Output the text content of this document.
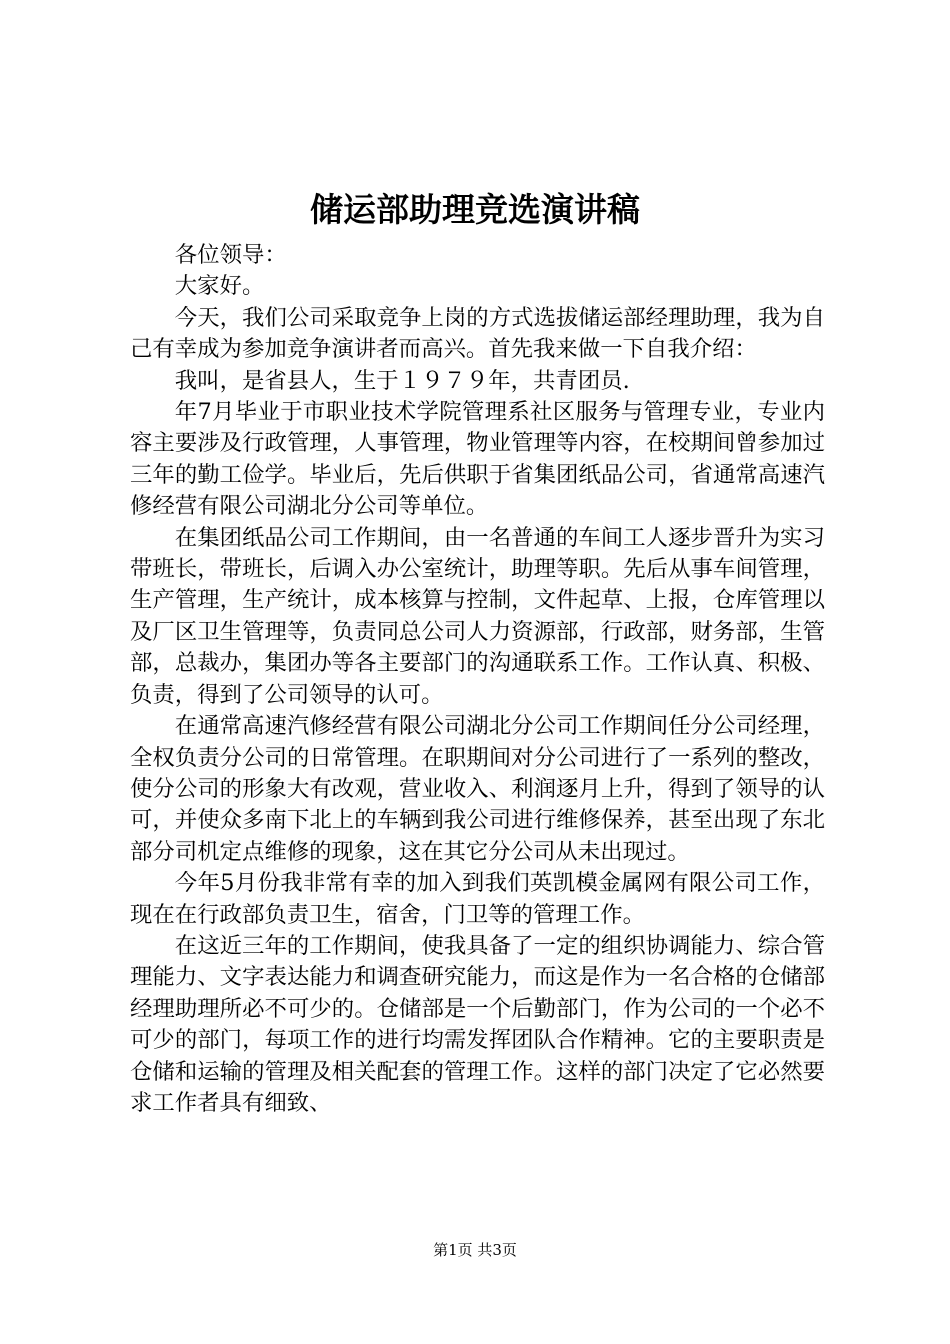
储运部助理竞选演讲稿

各位领导：

大家好。

今天，我们公司采取竞争上岗的方式选拔储运部经理助理，我为自己有幸成为参加竞争演讲者而高兴。首先我来做一下自我介绍：

我叫，是省县人，生于１９７９年，共青团员.

年7月毕业于市职业技术学院管理系社区服务与管理专业，专业内容主要涉及行政管理，人事管理，物业管理等内容，在校期间曾参加过三年的勤工俭学。毕业后，先后供职于省集团纸品公司，省通常高速汽修经营有限公司湖北分公司等单位。

在集团纸品公司工作期间，由一名普通的车间工人逐步晋升为实习带班长，带班长，后调入办公室统计，助理等职。先后从事车间管理，生产管理，生产统计，成本核算与控制，文件起草、上报，仓库管理以及厂区卫生管理等，负责同总公司人力资源部，行政部，财务部，生管部，总裁办，集团办等各主要部门的沟通联系工作。工作认真、积极、负责，得到了公司领导的认可。

在通常高速汽修经营有限公司湖北分公司工作期间任分公司经理，全权负责分公司的日常管理。在职期间对分公司进行了一系列的整改，使分公司的形象大有改观，营业收入、利润逐月上升，得到了领导的认可，并使众多南下北上的车辆到我公司进行维修保养，甚至出现了东北部分司机定点维修的现象，这在其它分公司从未出现过。

今年5月份我非常有幸的加入到我们英凯模金属网有限公司工作，现在在行政部负责卫生，宿舍，门卫等的管理工作。

在这近三年的工作期间，使我具备了一定的组织协调能力、综合管理能力、文字表达能力和调查研究能力，而这是作为一名合格的仓储部经理助理所必不可少的。仓储部是一个后勤部门，作为公司的一个必不可少的部门，每项工作的进行均需发挥团队合作精神。它的主要职责是仓储和运输的管理及相关配套的管理工作。这样的部门决定了它必然要求工作者具有细致、

第1页 共3页
